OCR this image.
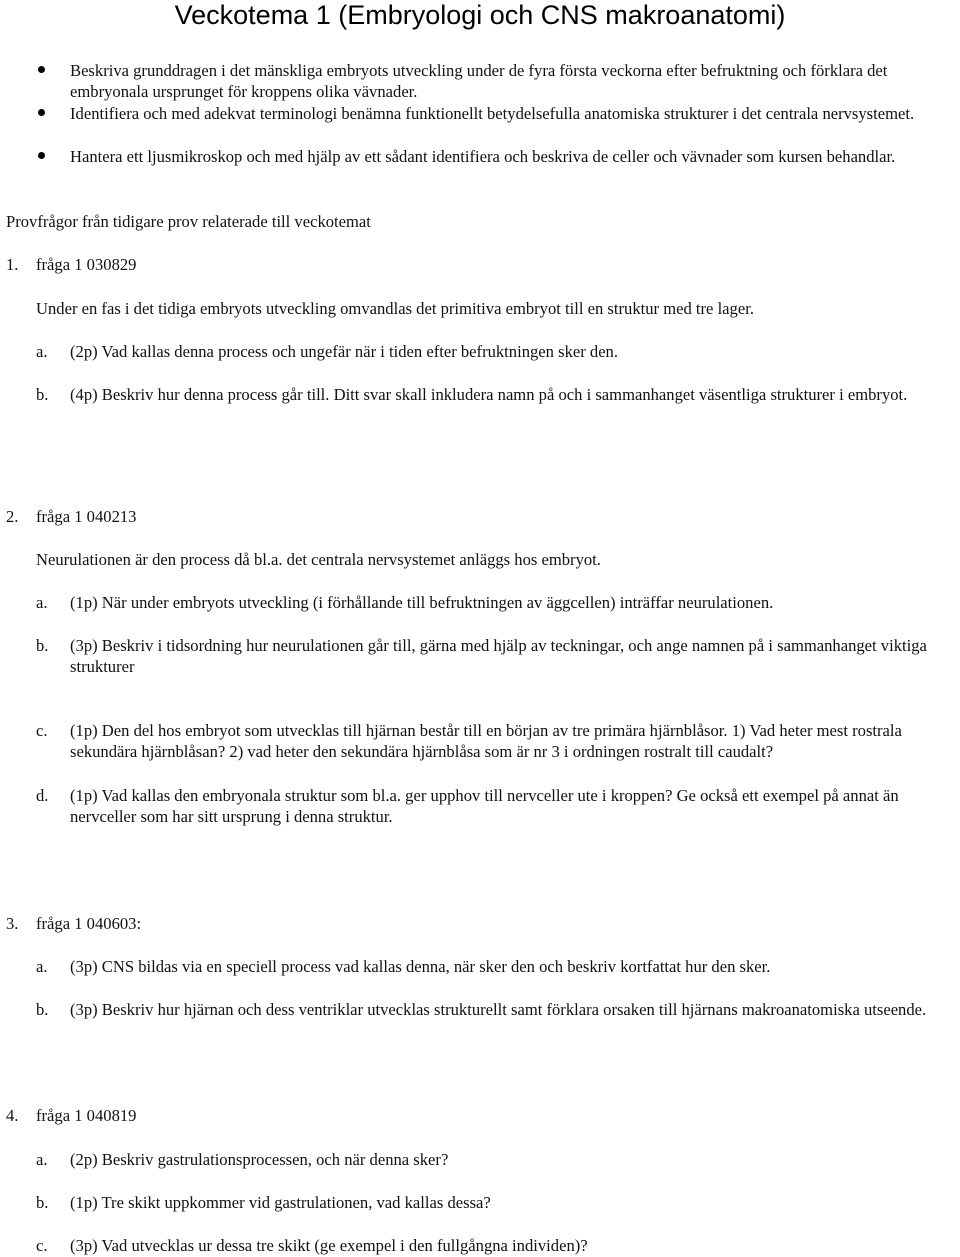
Veckotema 1 (Embryologi och CNS makroanatomi)
Beskriva grunddragen i det mänskliga embryots utveckling under de fyra första veckorna efter befruktning och förklara det embryonala ursprunget för kroppens olika vävnader.
Identifiera och med adekvat terminologi benämna funktionellt betydelsefulla anatomiska strukturer i det centrala nervsystemet.
Hantera ett ljusmikroskop och med hjälp av ett sådant identifiera och beskriva de celler och vävnader som kursen behandlar.
Provfrågor från tidigare prov relaterade till veckotemat
1. fråga 1 030829
Under en fas i det tidiga embryots utveckling omvandlas det primitiva embryot till en struktur med tre lager.
a. (2p) Vad kallas denna process och ungefär när i tiden efter befruktningen sker den.
b. (4p) Beskriv hur denna process går till. Ditt svar skall inkludera namn på och i sammanhanget väsentliga strukturer i embryot.
2. fråga 1 040213
Neurulationen är den process då bl.a. det centrala nervsystemet anläggs hos embryot.
a. (1p) När under embryots utveckling (i förhållande till befruktningen av äggcellen) inträffar neurulationen.
b. (3p) Beskriv i tidsordning hur neurulationen går till, gärna med hjälp av teckningar, och ange namnen på i sammanhanget viktiga strukturer
c. (1p) Den del hos embryot som utvecklas till hjärnan består till en början av tre primära hjärnblåsor. 1) Vad heter mest rostrala sekundära hjärnblåsan? 2) vad heter den sekundära hjärnblåsa som är nr 3 i ordningen rostralt till caudalt?
d. (1p) Vad kallas den embryonala struktur som bl.a. ger upphov till nervceller ute i kroppen? Ge också ett exempel på annat än nervceller som har sitt ursprung i denna struktur.
3. fråga 1 040603:
a. (3p) CNS bildas via en speciell process vad kallas denna, när sker den och beskriv kortfattat hur den sker.
b. (3p) Beskriv hur hjärnan och dess ventriklar utvecklas strukturellt samt förklara orsaken till hjärnans makroanatomiska utseende.
4. fråga 1 040819
a. (2p) Beskriv gastrulationsprocessen, och när denna sker?
b. (1p) Tre skikt uppkommer vid gastrulationen, vad kallas dessa?
c. (3p) Vad utvecklas ur dessa tre skikt (ge exempel i den fullgångna individen)?
